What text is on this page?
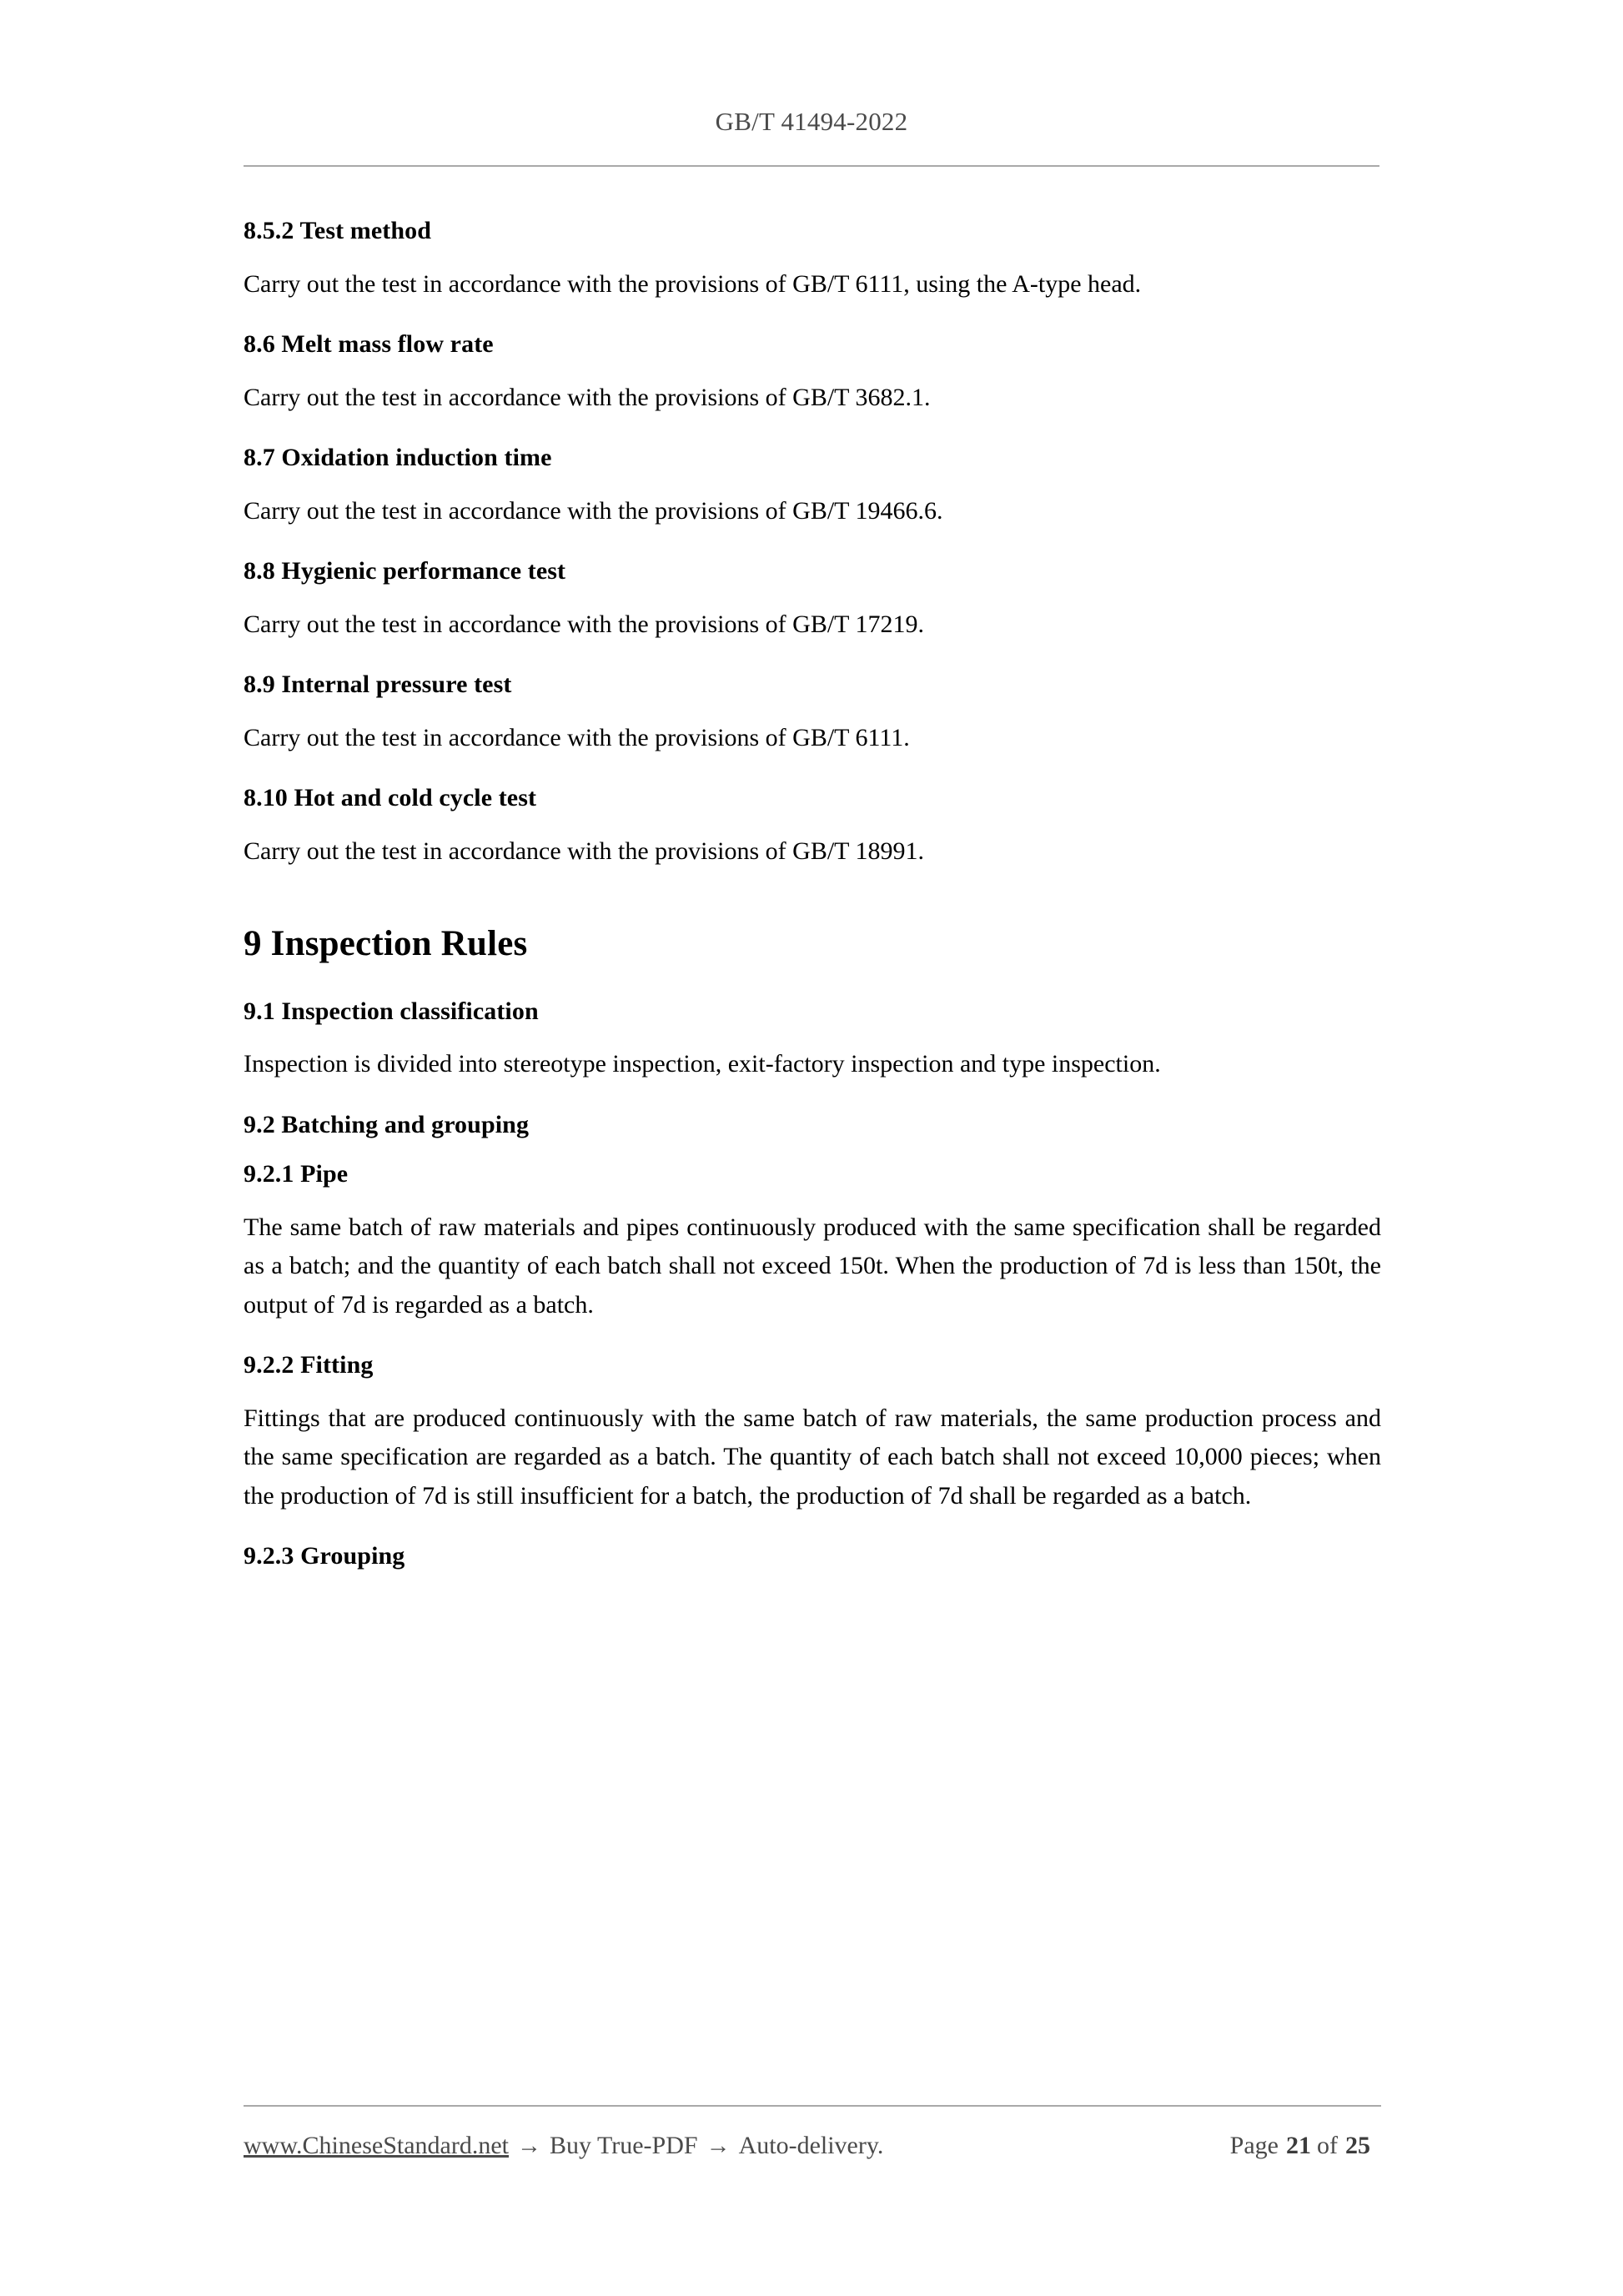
GB/T 41494-2022
8.5.2 Test method

Carry out the test in accordance with the provisions of GB/T 6111, using the A-type head.

8.6 Melt mass flow rate

Carry out the test in accordance with the provisions of GB/T 3682.1.

8.7 Oxidation induction time

Carry out the test in accordance with the provisions of GB/T 19466.6.

8.8 Hygienic performance test

Carry out the test in accordance with the provisions of GB/T 17219.

8.9 Internal pressure test

Carry out the test in accordance with the provisions of GB/T 6111.

8.10 Hot and cold cycle test

Carry out the test in accordance with the provisions of GB/T 18991.

9 Inspection Rules
9.1 Inspection classification

Inspection is divided into stereotype inspection, exit-factory inspection and type inspection.

9.2 Batching and grouping
9.2.1 Pipe

The same batch of raw materials and pipes continuously produced with the same specification shall be regarded as a batch; and the quantity of each batch shall not exceed 150t. When the production of 7d is less than 150t, the output of 7d is regarded as a batch.

9.2.2 Fitting

Fittings that are produced continuously with the same batch of raw materials, the same production process and the same specification are regarded as a batch. The quantity of each batch shall not exceed 10,000 pieces; when the production of 7d is still insufficient for a batch, the production of 7d shall be regarded as a batch.

9.2.3 Grouping
www.ChineseStandard.net → Buy True-PDF → Auto-delivery.	Page 21 of 25
